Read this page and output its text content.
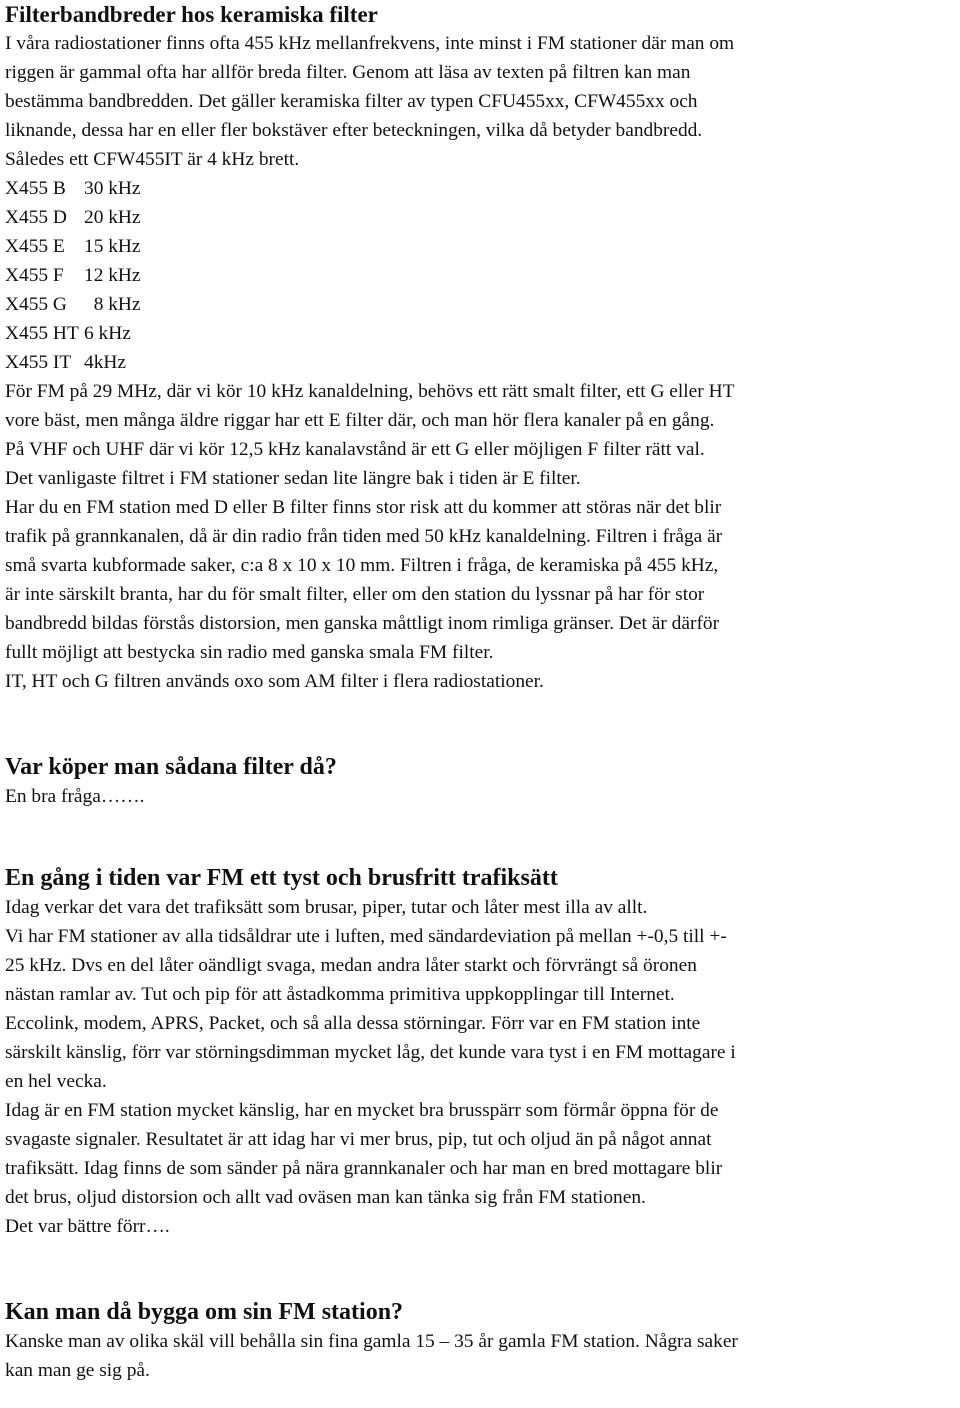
Filterbandbreder hos keramiska filter
I våra radiostationer finns ofta 455 kHz mellanfrekvens, inte minst i FM stationer där man om
riggen är gammal ofta har allför breda filter. Genom att läsa av texten på filtren kan man
bestämma bandbredden. Det gäller keramiska filter av typen CFU455xx, CFW455xx och
liknande, dessa har en eller fler bokstäver efter beteckningen, vilka då betyder bandbredd.
Således ett CFW455IT är 4 kHz brett.
X455 B 30 kHz
X455 D 20 kHz
X455 E 15 kHz
X455 F 12 kHz
X455 G  8 kHz
X455 HT 6 kHz
X455 IT 4kHz
För FM på 29 MHz, där vi kör 10 kHz kanaldelning, behövs ett rätt smalt filter, ett G eller HT
vore bäst, men många äldre riggar har ett E filter där, och man hör flera kanaler på en gång.
På VHF och UHF där vi kör 12,5 kHz kanalavstånd är ett G eller möjligen F filter rätt val.
Det vanligaste filtret i FM stationer sedan lite längre bak i tiden är E filter.
Har du en FM station med D eller B filter finns stor risk att du kommer att störas när det blir
trafik på grannkanalen, då är din radio från tiden med 50 kHz kanaldelning. Filtren i fråga är
små svarta kubformade saker, c:a 8 x 10 x 10 mm. Filtren i fråga, de keramiska på 455 kHz,
är inte särskilt branta, har du för smalt filter, eller om den station du lyssnar på har för stor
bandbredd bildas förstås distorsion, men ganska måttligt inom rimliga gränser. Det är därför
fullt möjligt att bestycka sin radio med ganska smala FM filter.
IT, HT och G filtren används oxo som AM filter i flera radiostationer.
Var köper man sådana filter då?
En bra fråga…….
En gång i tiden var FM ett tyst och brusfritt trafiksätt
Idag verkar det vara det trafiksätt som brusar, piper, tutar och låter mest illa av allt.
Vi har FM stationer av alla tidsåldrar ute i luften, med sändardeviation på mellan +-0,5 till +-
25 kHz. Dvs en del låter oändligt svaga, medan andra låter starkt och förvrängt så öronen
nästan ramlar av. Tut och pip för att åstadkomma primitiva uppkopplingar till Internet.
Eccolink, modem, APRS, Packet, och så alla dessa störningar. Förr var en FM station inte
särskilt känslig, förr var störningsdimman mycket låg, det kunde vara tyst i en FM mottagare i
en hel vecka.
Idag är en FM station mycket känslig, har en mycket bra brusspärr som förmår öppna för de
svagaste signaler. Resultatet är att idag har vi mer brus, pip, tut och oljud än på något annat
trafiksätt. Idag finns de som sänder på nära grannkanaler och har man en bred mottagare blir
det brus, oljud distorsion och allt vad oväsen man kan tänka sig från FM stationen.
Det var bättre förr….
Kan man då bygga om sin FM station?
Kanske man av olika skäl vill behålla sin fina gamla 15 – 35 år gamla FM station. Några saker
kan man ge sig på.
